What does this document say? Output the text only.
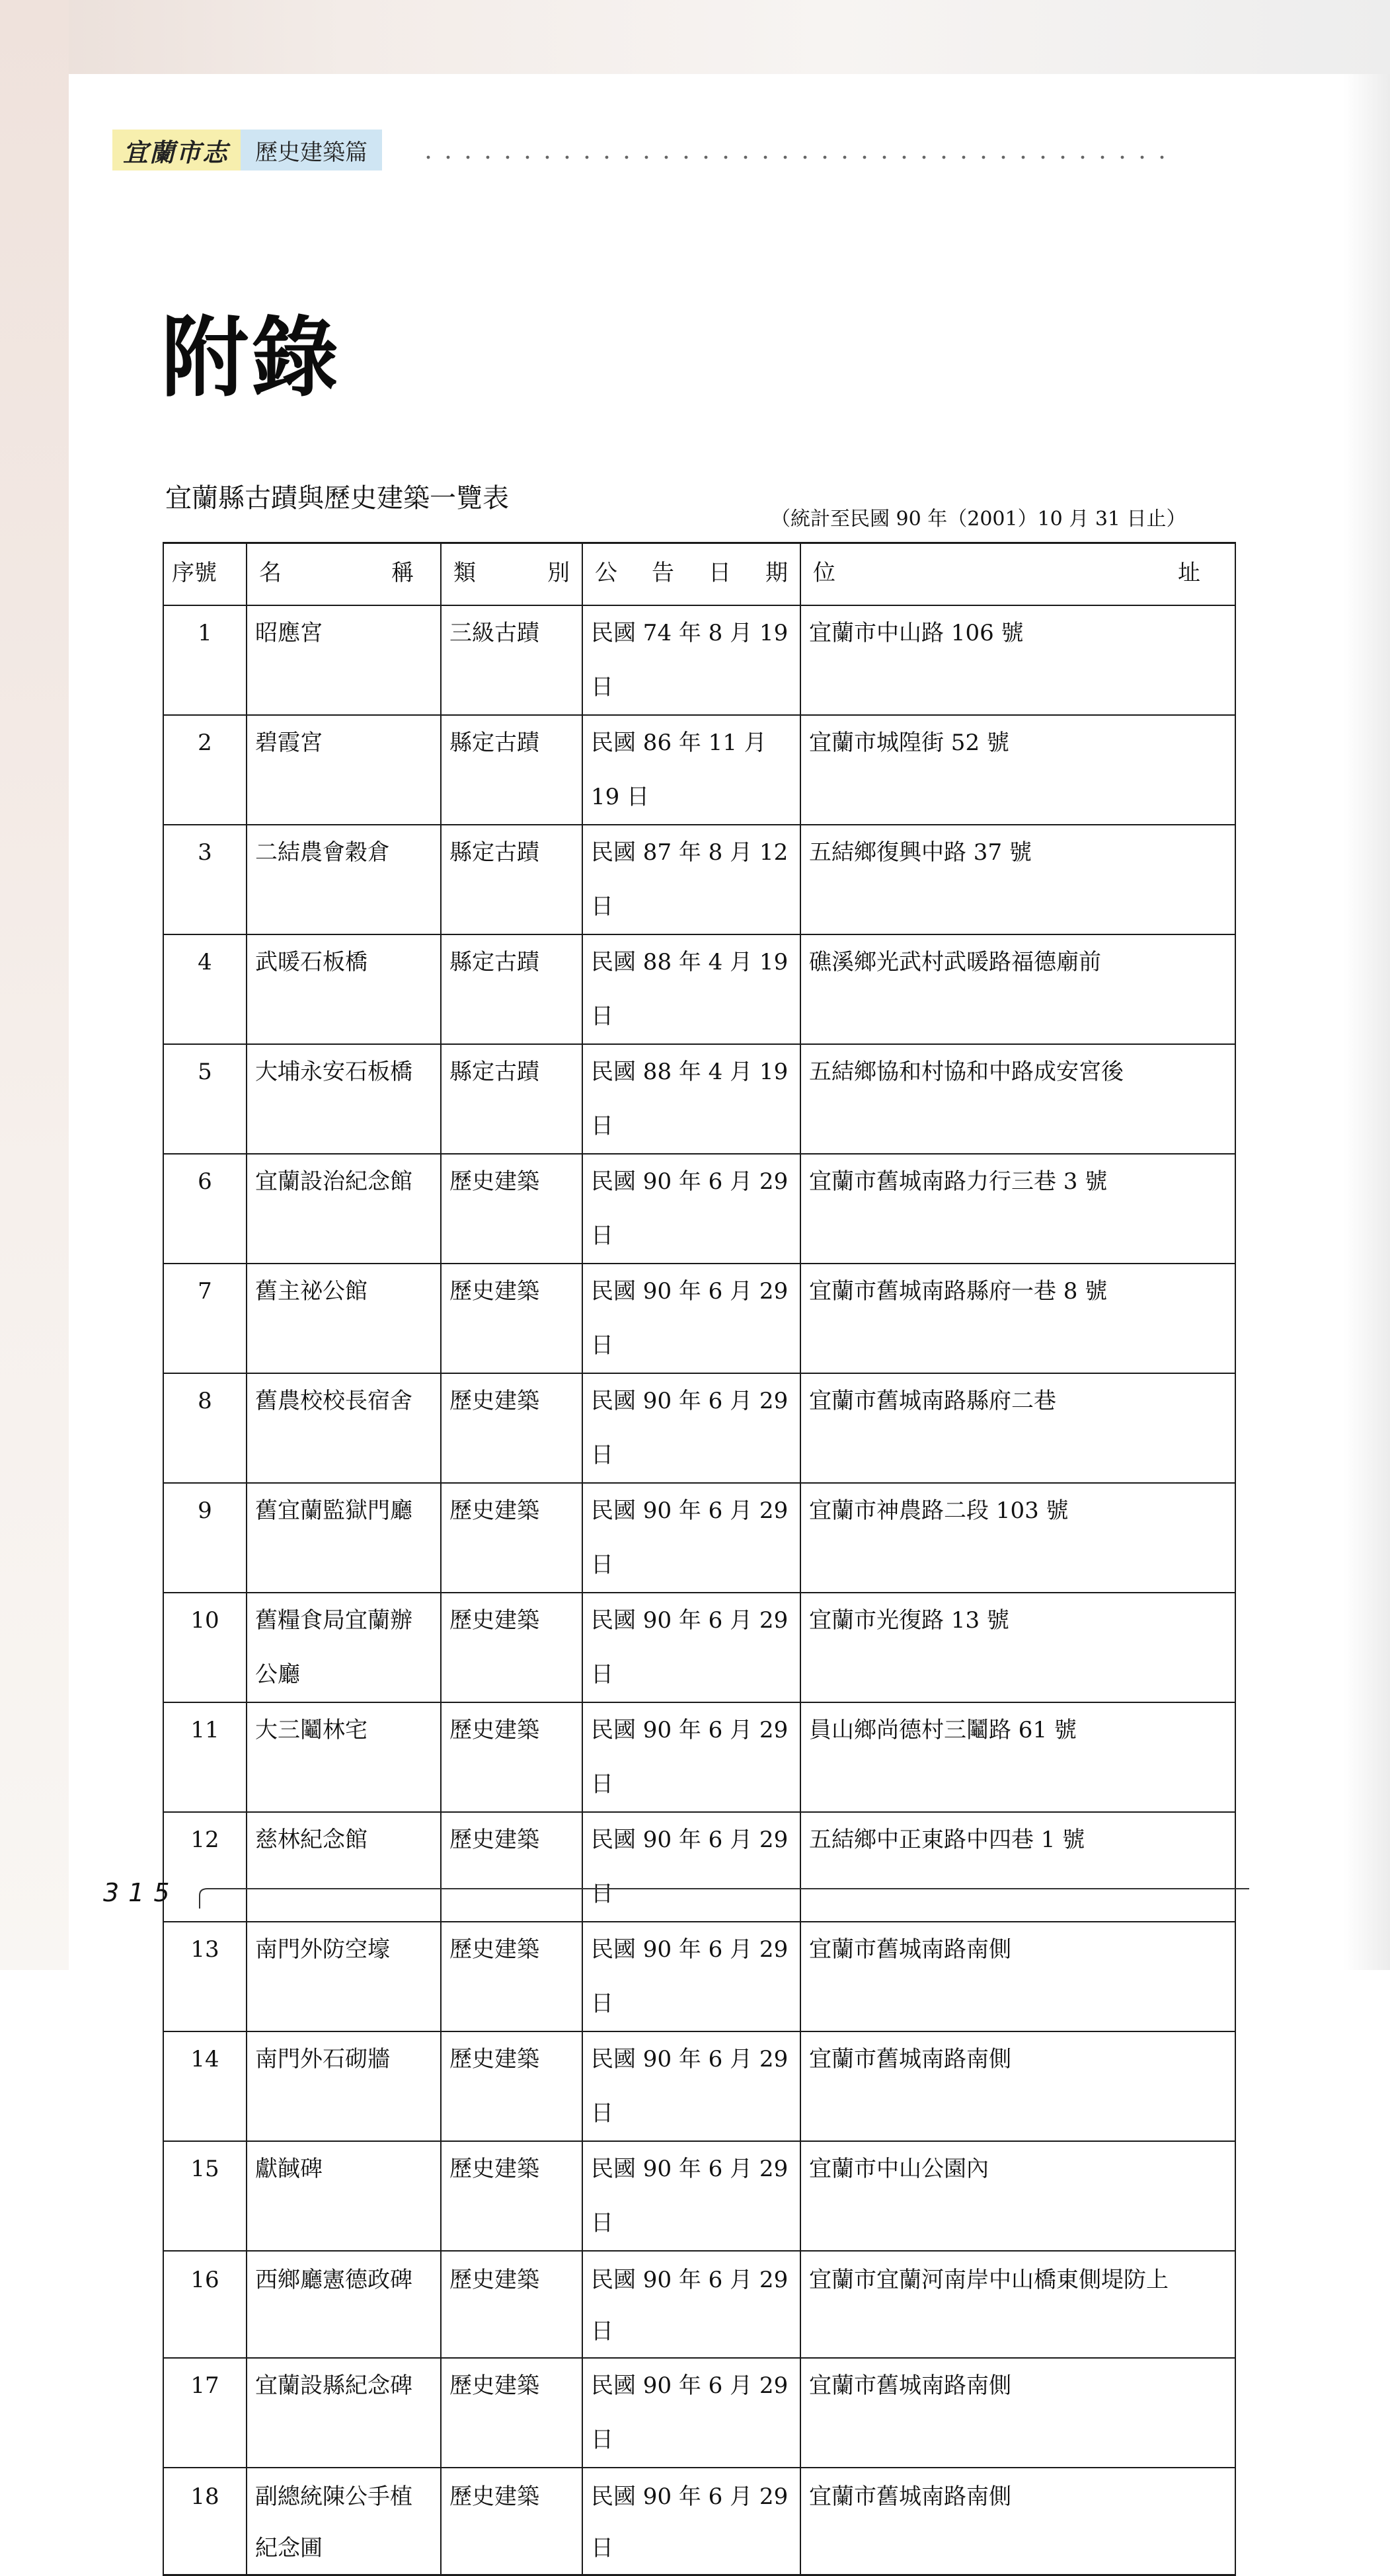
宜蘭市志	歷史建築篇
附錄
宜蘭縣古蹟與歷史建築一覽表
（統計至民國 90 年（2001）10 月 31 日止）
序號	名 稱	類 別	公 告 日 期	位 址

1	昭應宮	三級古蹟	民國 74 年 8 月 19 日	宜蘭市中山路 106 號
2	碧霞宮	縣定古蹟	民國 86 年 11 月 19 日	宜蘭市城隍街 52 號
3	二結農會穀倉	縣定古蹟	民國 87 年 8 月 12 日	五結鄉復興中路 37 號
4	武暖石板橋	縣定古蹟	民國 88 年 4 月 19 日	礁溪鄉光武村武暖路福德廟前
5	大埔永安石板橋	縣定古蹟	民國 88 年 4 月 19 日	五結鄉協和村協和中路成安宮後
6	宜蘭設治紀念館	歷史建築	民國 90 年 6 月 29 日	宜蘭市舊城南路力行三巷 3 號
7	舊主祕公館	歷史建築	民國 90 年 6 月 29 日	宜蘭市舊城南路縣府一巷 8 號
8	舊農校校長宿舍	歷史建築	民國 90 年 6 月 29 日	宜蘭市舊城南路縣府二巷
9	舊宜蘭監獄門廳	歷史建築	民國 90 年 6 月 29 日	宜蘭市神農路二段 103 號
10	舊糧食局宜蘭辦公廳	歷史建築	民國 90 年 6 月 29 日	宜蘭市光復路 13 號
11	大三鬮林宅	歷史建築	民國 90 年 6 月 29 日	員山鄉尚德村三鬮路 61 號
12	慈林紀念館	歷史建築	民國 90 年 6 月 29 日	五結鄉中正東路中四巷 1 號
13	南門外防空壕	歷史建築	民國 90 年 6 月 29 日	宜蘭市舊城南路南側
14	南門外石砌牆	歷史建築	民國 90 年 6 月 29 日	宜蘭市舊城南路南側
15	獻馘碑	歷史建築	民國 90 年 6 月 29 日	宜蘭市中山公園內
16	西鄉廳憲德政碑	歷史建築	民國 90 年 6 月 29 日	宜蘭市宜蘭河南岸中山橋東側堤防上
17	宜蘭設縣紀念碑	歷史建築	民國 90 年 6 月 29 日	宜蘭市舊城南路南側
18	副總統陳公手植紀念圃	歷史建築	民國 90 年 6 月 29 日	宜蘭市舊城南路南側
315
